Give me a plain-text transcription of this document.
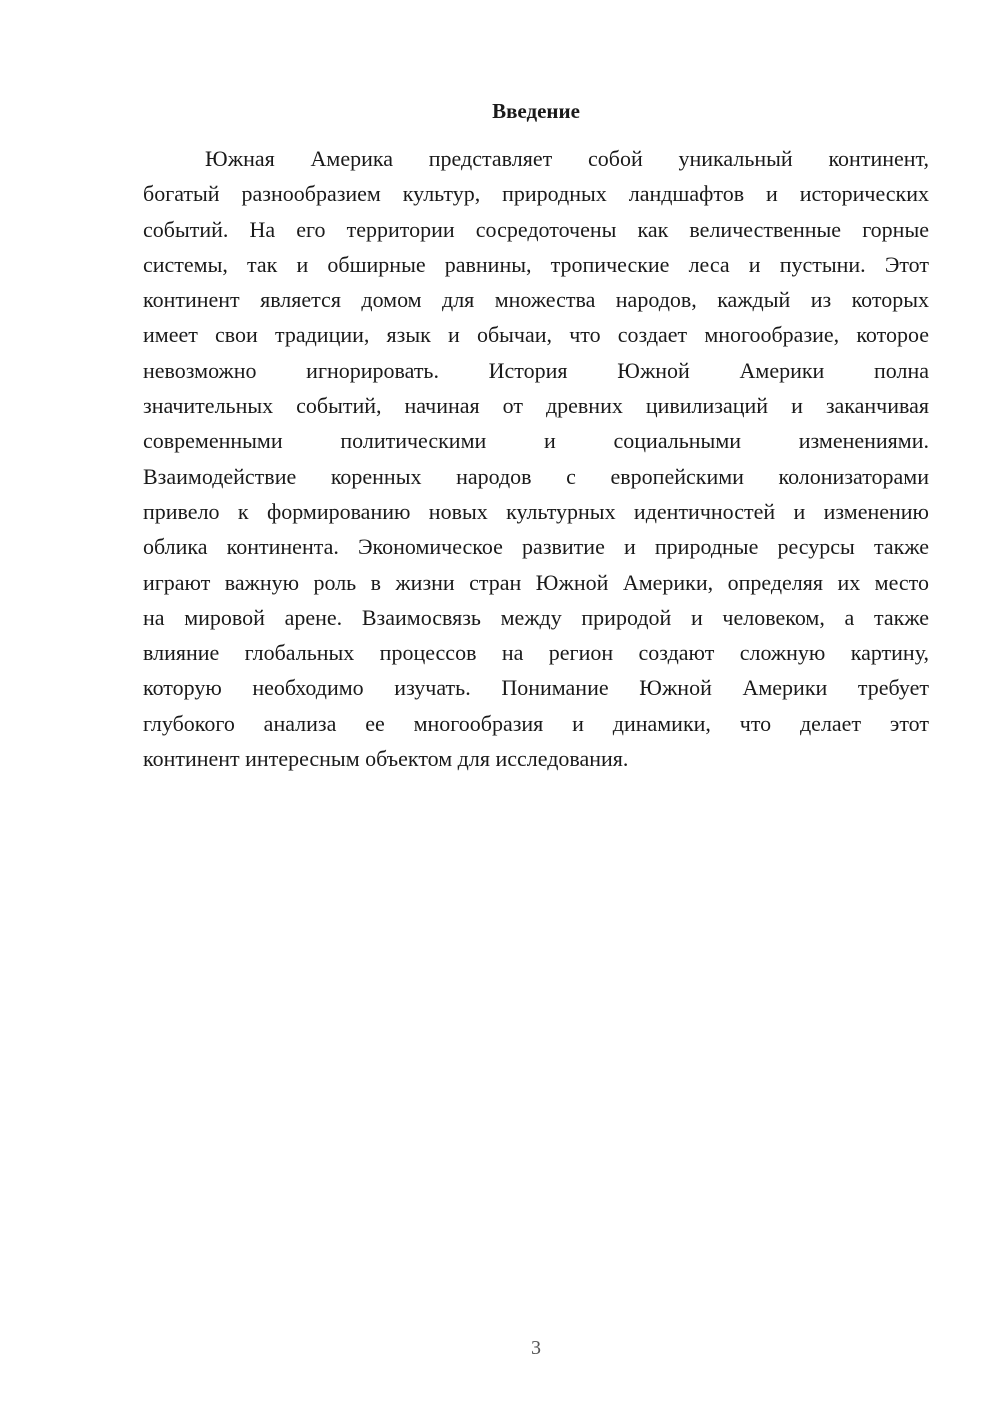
Введение
Южная Америка представляет собой уникальный континент,
богатый разнообразием культур, природных ландшафтов и исторических
событий. На его территории сосредоточены как величественные горные
системы, так и обширные равнины, тропические леса и пустыни. Этот
континент является домом для множества народов, каждый из которых
имеет свои традиции, язык и обычаи, что создает многообразие, которое
невозможно игнорировать. История Южной Америки полна
значительных событий, начиная от древних цивилизаций и заканчивая
современными политическими и социальными изменениями.
Взаимодействие коренных народов с европейскими колонизаторами
привело к формированию новых культурных идентичностей и изменению
облика континента. Экономическое развитие и природные ресурсы также
играют важную роль в жизни стран Южной Америки, определяя их место
на мировой арене. Взаимосвязь между природой и человеком, а также
влияние глобальных процессов на регион создают сложную картину,
которую необходимо изучать. Понимание Южной Америки требует
глубокого анализа ее многообразия и динамики, что делает этот
континент интересным объектом для исследования.
3
